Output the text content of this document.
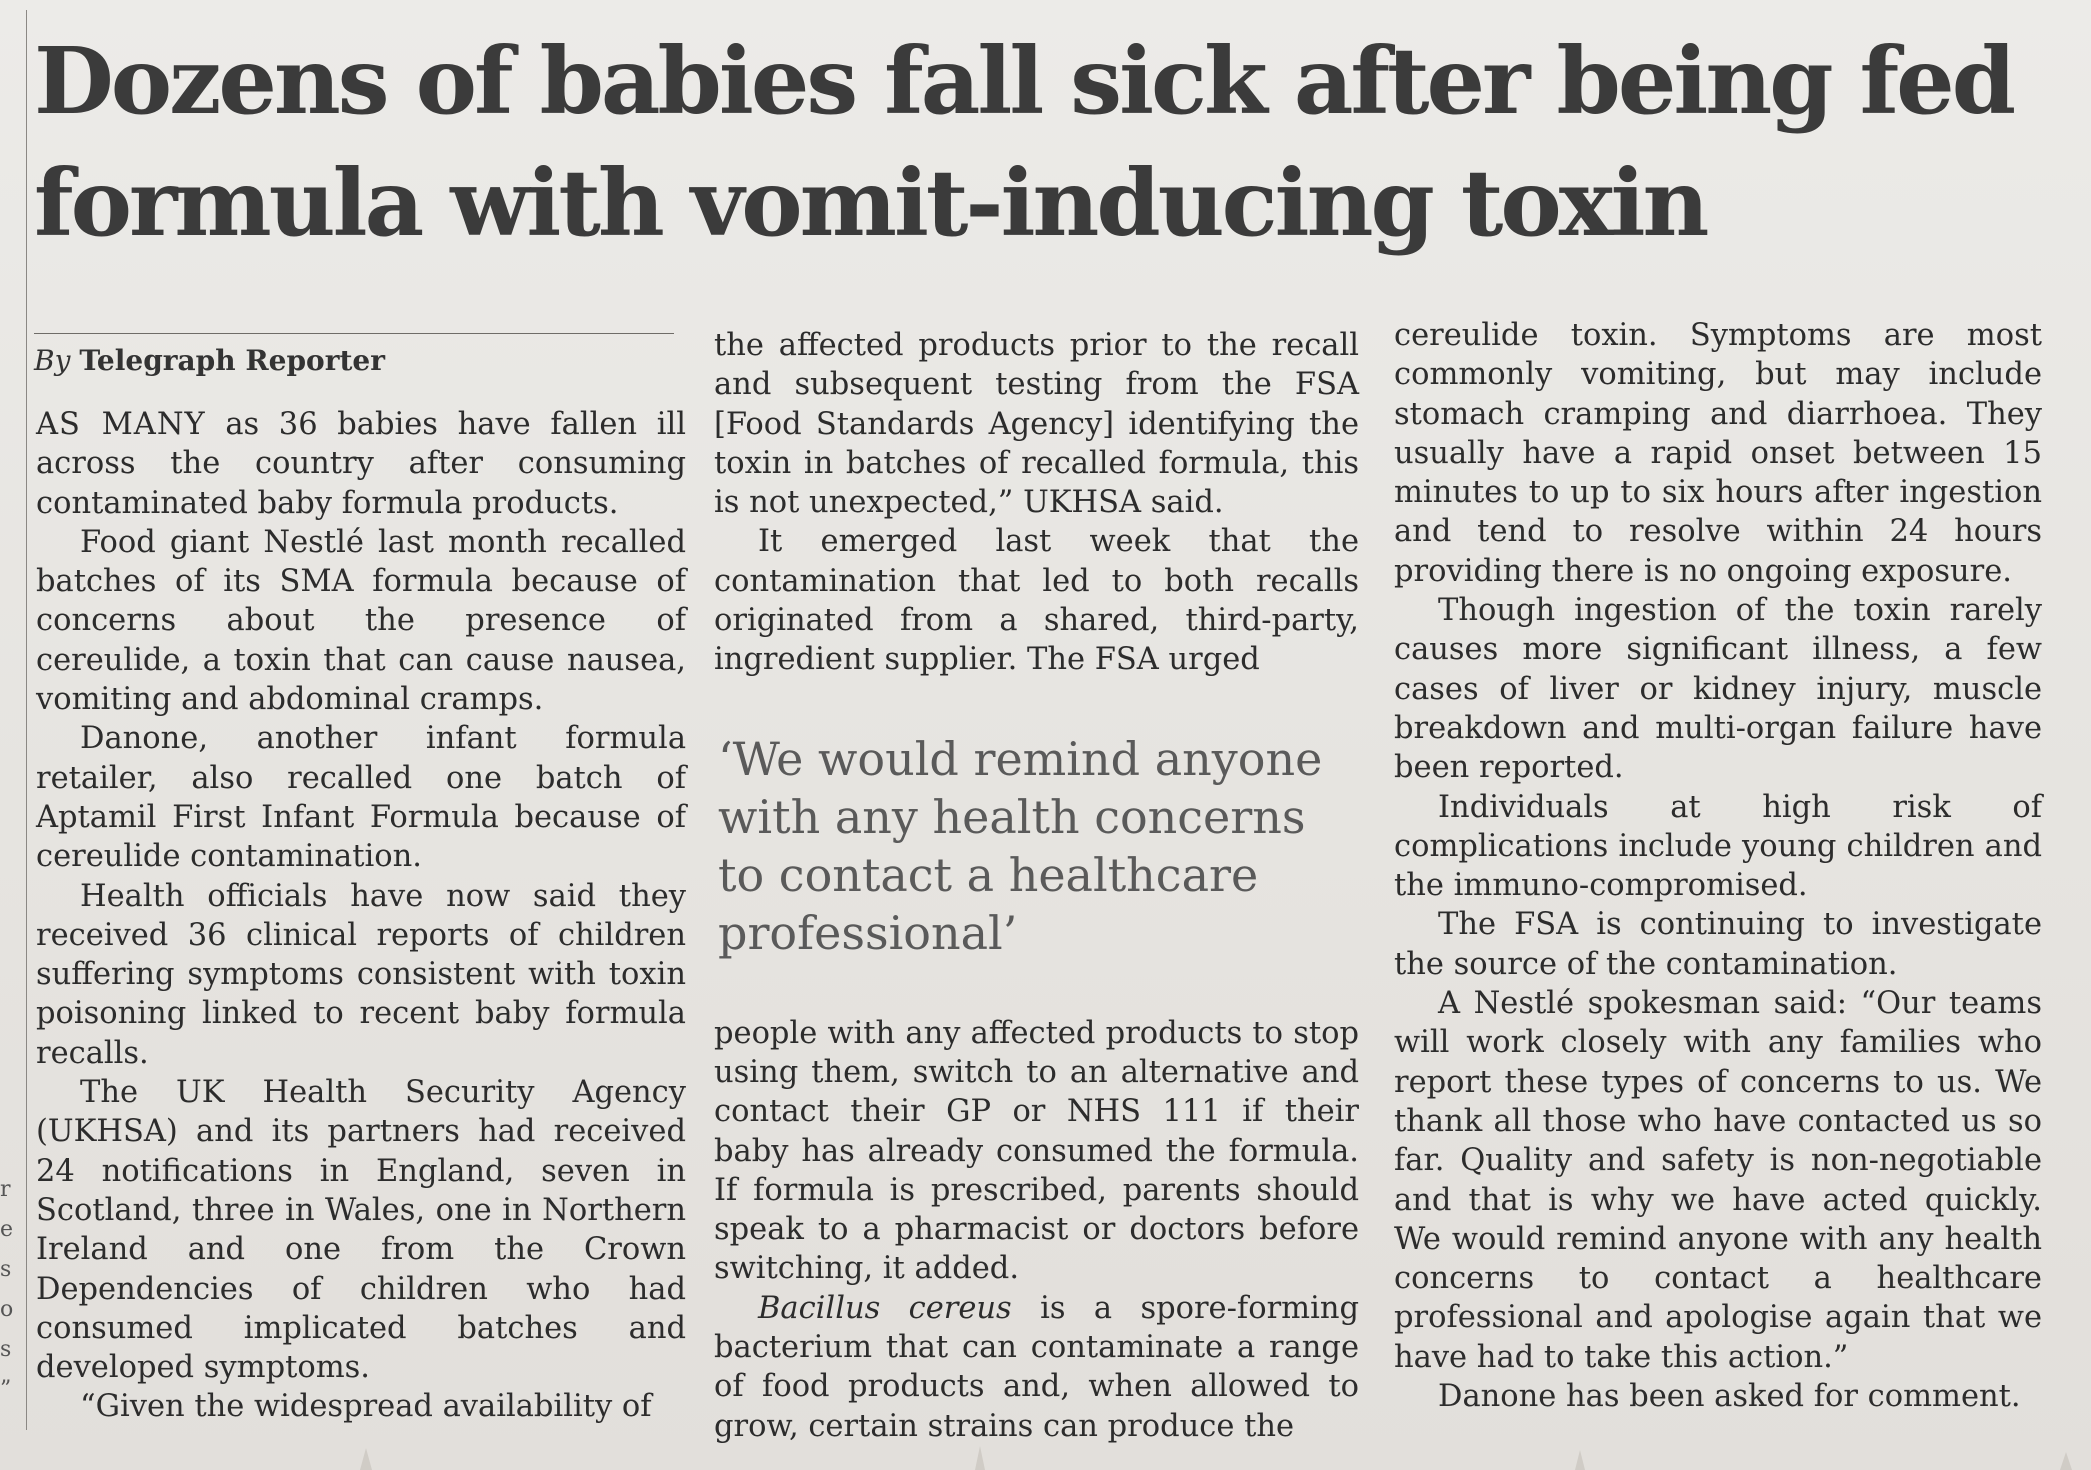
r
e
s
o
s
”
Dozens of babies fall sick after being fed formula with vomit-inducing toxin
By Telegraph Reporter

AS MANY as 36 babies have fallen ill across the country after consuming contaminated baby formula products.

Food giant Nestlé last month recalled batches of its SMA formula because of concerns about the presence of cereulide, a toxin that can cause nausea, vomiting and abdominal cramps.

Danone, another infant formula retailer, also recalled one batch of Aptamil First Infant Formula because of cereulide contamination.

Health officials have now said they received 36 clinical reports of children suffering symptoms consistent with toxin poisoning linked to recent baby formula recalls.

The UK Health Security Agency (UKHSA) and its partners had received 24 notifications in England, seven in Scotland, three in Wales, one in Northern Ireland and one from the Crown Dependencies of children who had consumed implicated batches and developed symptoms.

“Given the widespread availability of

the affected products prior to the recall and subsequent testing from the FSA [Food Standards Agency] identifying the toxin in batches of recalled formula, this is not unexpected,” UKHSA said.

It emerged last week that the contamination that led to both recalls originated from a shared, third-party, ingredient supplier. The FSA urged

‘We would remind anyone with any health concerns to contact a healthcare professional’

people with any affected products to stop using them, switch to an alternative and contact their GP or NHS 111 if their baby has already consumed the formula. If formula is prescribed, parents should speak to a pharmacist or doctors before switching, it added.

Bacillus cereus is a spore-forming bacterium that can contaminate a range of food products and, when allowed to grow, certain strains can produce the

cereulide toxin. Symptoms are most commonly vomiting, but may include stomach cramping and diarrhoea. They usually have a rapid onset between 15 minutes to up to six hours after ingestion and tend to resolve within 24 hours providing there is no ongoing exposure.

Though ingestion of the toxin rarely causes more significant illness, a few cases of liver or kidney injury, muscle breakdown and multi-organ failure have been reported.

Individuals at high risk of complications include young children and the immuno-compromised.

The FSA is continuing to investigate the source of the contamination.

A Nestlé spokesman said: “Our teams will work closely with any families who report these types of concerns to us. We thank all those who have contacted us so far. Quality and safety is non-negotiable and that is why we have acted quickly. We would remind anyone with any health concerns to contact a healthcare professional and apologise again that we have had to take this action.”

Danone has been asked for comment.
